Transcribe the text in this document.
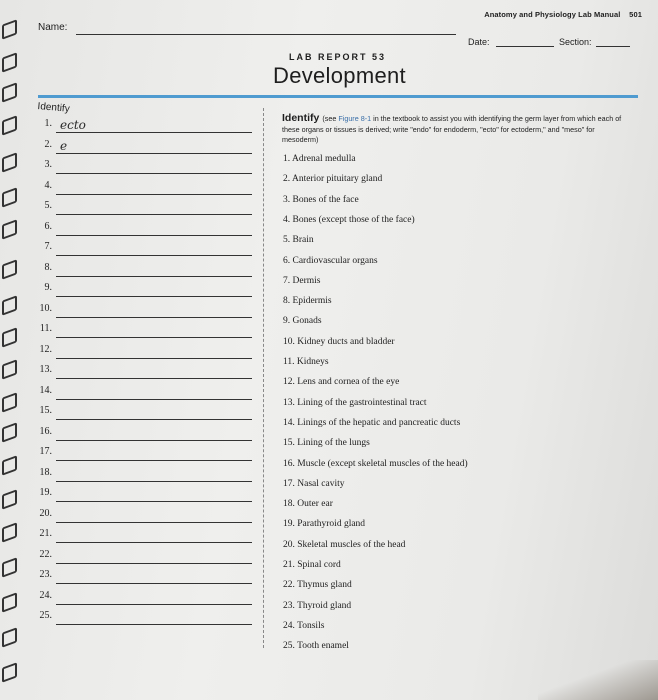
Anatomy and Physiology Lab Manual 501
Name:
Date:	Section:
LAB REPORT 53
Development
Identify
1. ecto
2. e
3.
4.
5.
6.
7.
8.
9.
10.
11.
12.
13.
14.
15.
16.
17.
18.
19.
20.
21.
22.
23.
24.
25.
Identify (see Figure 8-1 in the textbook to assist you with identifying the germ layer from which each of these organs or tissues is derived; write "endo" for endoderm, "ecto" for ectoderm," and "meso" for mesoderm)
1. Adrenal medulla
2. Anterior pituitary gland
3. Bones of the face
4. Bones (except those of the face)
5. Brain
6. Cardiovascular organs
7. Dermis
8. Epidermis
9. Gonads
10. Kidney ducts and bladder
11. Kidneys
12. Lens and cornea of the eye
13. Lining of the gastrointestinal tract
14. Linings of the hepatic and pancreatic ducts
15. Lining of the lungs
16. Muscle (except skeletal muscles of the head)
17. Nasal cavity
18. Outer ear
19. Parathyroid gland
20. Skeletal muscles of the head
21. Spinal cord
22. Thymus gland
23. Thyroid gland
24. Tonsils
25. Tooth enamel
